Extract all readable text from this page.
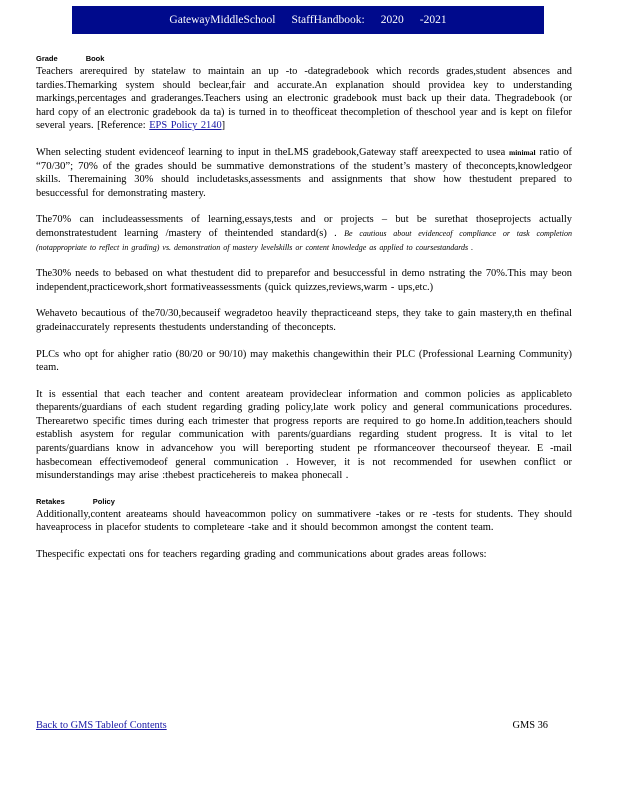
GatewayMiddleSchool StaffHandbook: 2020 -2021
Grade	Book

Teachers arerequired by statelaw to maintain an up -to -dategradebook which records grades,student absences and tardies.Themarking system should beclear,fair and accurate.An explanation should providea key to understanding markings,percentages and graderanges.Teachers using an electronic gradebook must back up their data. Thegradebook (or hard copy of an electronic gradebook da ta) is turned in to theofficeat thecompletion of theschool year and is kept on filefor several years. [Reference: EPS Policy 2140]

When selecting student evidenceof learning to input in theLMS gradebook,Gateway staff areexpected to usea minimal ratio of “70/30”; 70% of the grades should be summative demonstrations of the student’s mastery of theconcepts,knowledgeor skills. Theremaining 30% should includetasks,assessments and assignments that show how thestudent prepared to besuccessful for demonstrating mastery.

The70% can includeassessments of learning,essays,tests and or projects – but be surethat thoseprojects actually demonstratestudent learning /mastery of theintended standard(s) . Be cautious about evidenceof compliance or task completion (notappropriate to reflect in grading) vs. demonstration of mastery levelskills or content knowledge as applied to coursestandards .

The30% needs to bebased on what thestudent did to preparefor and besuccessful in demo nstrating the 70%.This may beon independent,practicework,short formativeassessments (quick quizzes,reviews,warm - ups,etc.)

Wehaveto becautious of the70/30,becauseif wegradetoo heavily thepracticeand steps, they take to gain mastery,th en thefinal gradeinaccurately represents thestudents understanding of theconcepts.

PLCs who opt for ahigher ratio (80/20 or 90/10) may makethis changewithin their PLC (Professional Learning Community) team.

It is essential that each teacher and content areateam provideclear information and common policies as applicableto theparents/guardians of each student regarding grading policy,late work policy and general communications procedures. Therearetwo specific times during each trimester that progress reports are required to go home.In addition,teachers should establish asystem for regular communication with parents/guardians regarding student progress. It is vital to let parents/guardians know in advancehow you will bereporting student pe rformanceover thecourseof theyear. E -mail hasbecomean effectivemodeof general communication . However, it is not recommended for usewhen conflict or misunderstandings may arise :thebest practicehereis to makea phonecall .

Retakes	Policy

Additionally,content areateams should haveacommon policy on summativere -takes or re -tests for students. They should haveaprocess in placefor students to completeare -take and it should becommon amongst the content team.

Thespecific expectati ons for teachers regarding grading and communications about grades areas follows:

Back to GMS Tableof Contents	GMS 36
